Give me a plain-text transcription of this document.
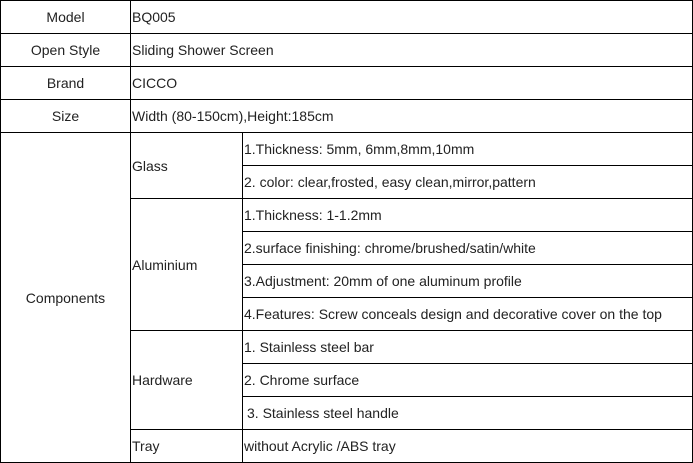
Model	BQ005	
Open Style	Sliding Shower Screen	
Brand	CICCO	
Size	Width (80-150cm),Height:185cm	
Components	Glass	1.Thickness: 5mm, 6mm,8mm,10mm
		2. color: clear,frosted, easy clean,mirror,pattern
	Aluminium	1.Thickness: 1-1.2mm
		2.surface finishing: chrome/brushed/satin/white
		3.Adjustment: 20mm of one aluminum profile
		4.Features: Screw conceals design and decorative cover on the top
	Hardware	1. Stainless steel bar
		2. Chrome surface
		3. Stainless steel handle
	Tray	without Acrylic /ABS tray
